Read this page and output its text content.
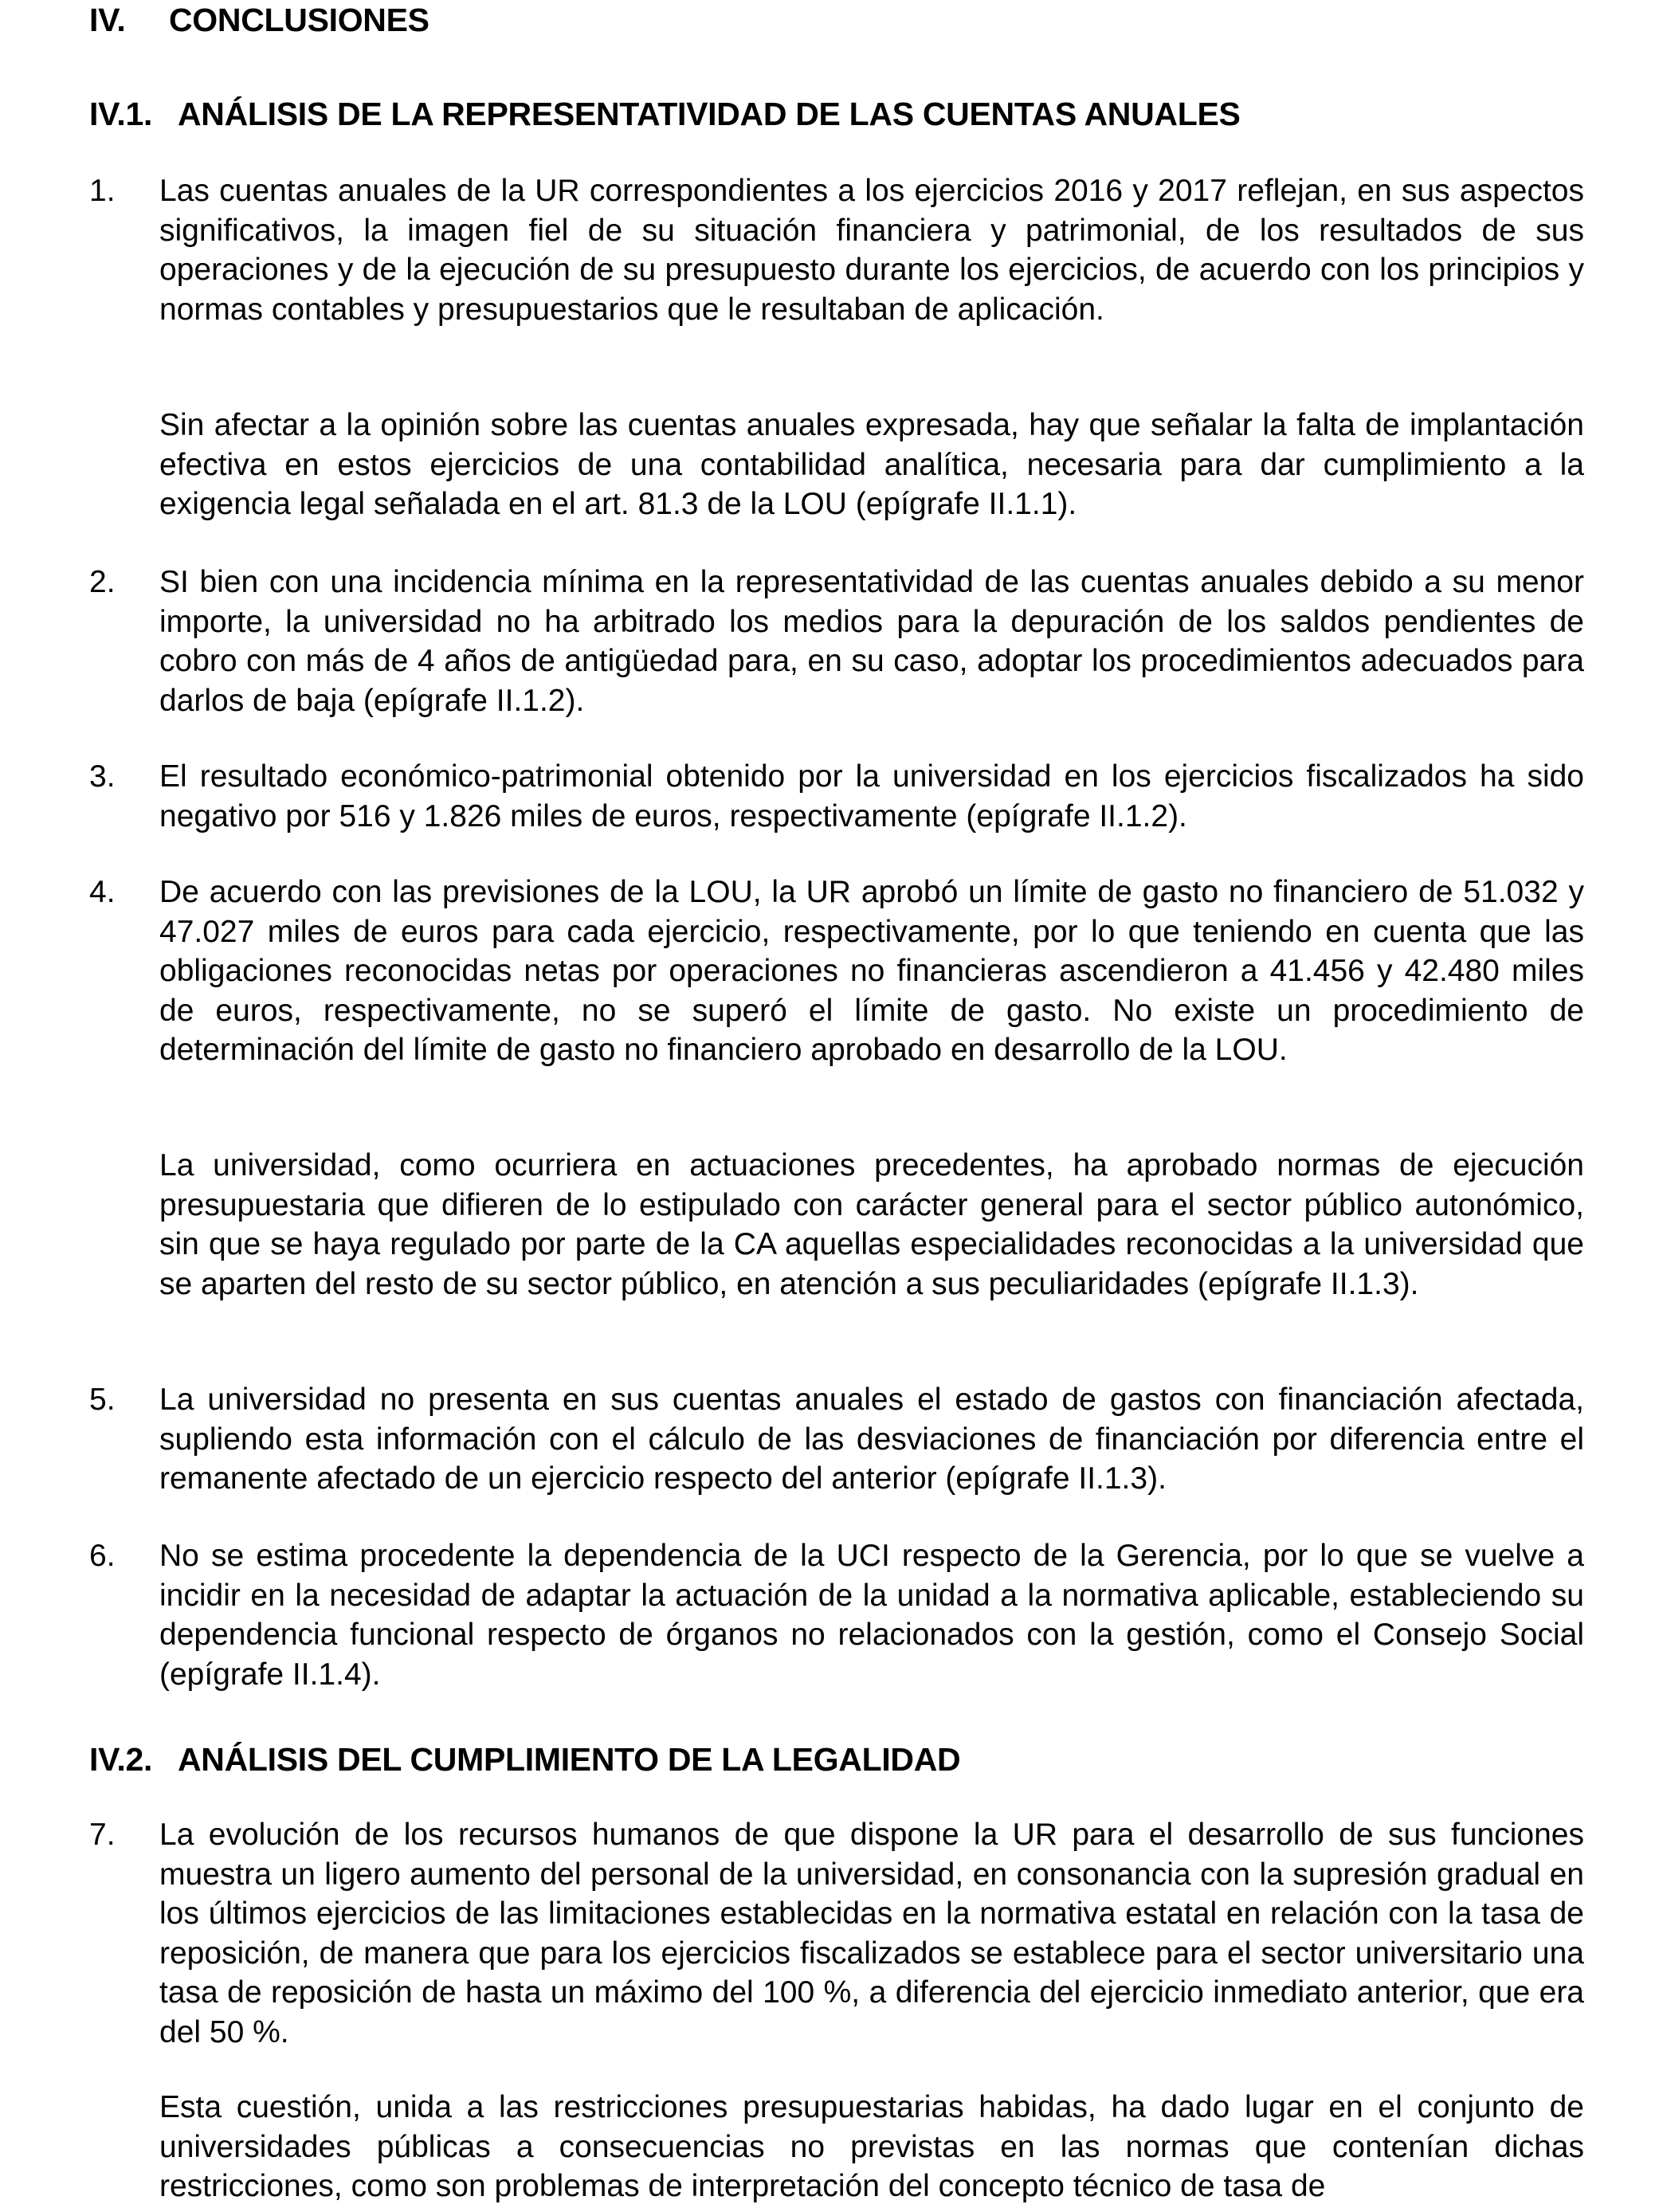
IV. CONCLUSIONES
IV.1. ANÁLISIS DE LA REPRESENTATIVIDAD DE LAS CUENTAS ANUALES
1. Las cuentas anuales de la UR correspondientes a los ejercicios 2016 y 2017 reflejan, en sus aspectos significativos, la imagen fiel de su situación financiera y patrimonial, de los resultados de sus operaciones y de la ejecución de su presupuesto durante los ejercicios, de acuerdo con los principios y normas contables y presupuestarios que le resultaban de aplicación.

Sin afectar a la opinión sobre las cuentas anuales expresada, hay que señalar la falta de implantación efectiva en estos ejercicios de una contabilidad analítica, necesaria para dar cumplimiento a la exigencia legal señalada en el art. 81.3 de la LOU (epígrafe II.1.1).

2. SI bien con una incidencia mínima en la representatividad de las cuentas anuales debido a su menor importe, la universidad no ha arbitrado los medios para la depuración de los saldos pendientes de cobro con más de 4 años de antigüedad para, en su caso, adoptar los procedimientos adecuados para darlos de baja (epígrafe II.1.2).

3. El resultado económico-patrimonial obtenido por la universidad en los ejercicios fiscalizados ha sido negativo por 516 y 1.826 miles de euros, respectivamente (epígrafe II.1.2).

4. De acuerdo con las previsiones de la LOU, la UR aprobó un límite de gasto no financiero de 51.032 y 47.027 miles de euros para cada ejercicio, respectivamente, por lo que teniendo en cuenta que las obligaciones reconocidas netas por operaciones no financieras ascendieron a 41.456 y 42.480 miles de euros, respectivamente, no se superó el límite de gasto. No existe un procedimiento de determinación del límite de gasto no financiero aprobado en desarrollo de la LOU.

La universidad, como ocurriera en actuaciones precedentes, ha aprobado normas de ejecución presupuestaria que difieren de lo estipulado con carácter general para el sector público autonómico, sin que se haya regulado por parte de la CA aquellas especialidades reconocidas a la universidad que se aparten del resto de su sector público, en atención a sus peculiaridades (epígrafe II.1.3).

5. La universidad no presenta en sus cuentas anuales el estado de gastos con financiación afectada, supliendo esta información con el cálculo de las desviaciones de financiación por diferencia entre el remanente afectado de un ejercicio respecto del anterior (epígrafe II.1.3).

6. No se estima procedente la dependencia de la UCI respecto de la Gerencia, por lo que se vuelve a incidir en la necesidad de adaptar la actuación de la unidad a la normativa aplicable, estableciendo su dependencia funcional respecto de órganos no relacionados con la gestión, como el Consejo Social (epígrafe II.1.4).

IV.2. ANÁLISIS DEL CUMPLIMIENTO DE LA LEGALIDAD
7. La evolución de los recursos humanos de que dispone la UR para el desarrollo de sus funciones muestra un ligero aumento del personal de la universidad, en consonancia con la supresión gradual en los últimos ejercicios de las limitaciones establecidas en la normativa estatal en relación con la tasa de reposición, de manera que para los ejercicios fiscalizados se establece para el sector universitario una tasa de reposición de hasta un máximo del 100 %, a diferencia del ejercicio inmediato anterior, que era del 50 %.

Esta cuestión, unida a las restricciones presupuestarias habidas, ha dado lugar en el conjunto de universidades públicas a consecuencias no previstas en las normas que contenían dichas restricciones, como son problemas de interpretación del concepto técnico de tasa de
